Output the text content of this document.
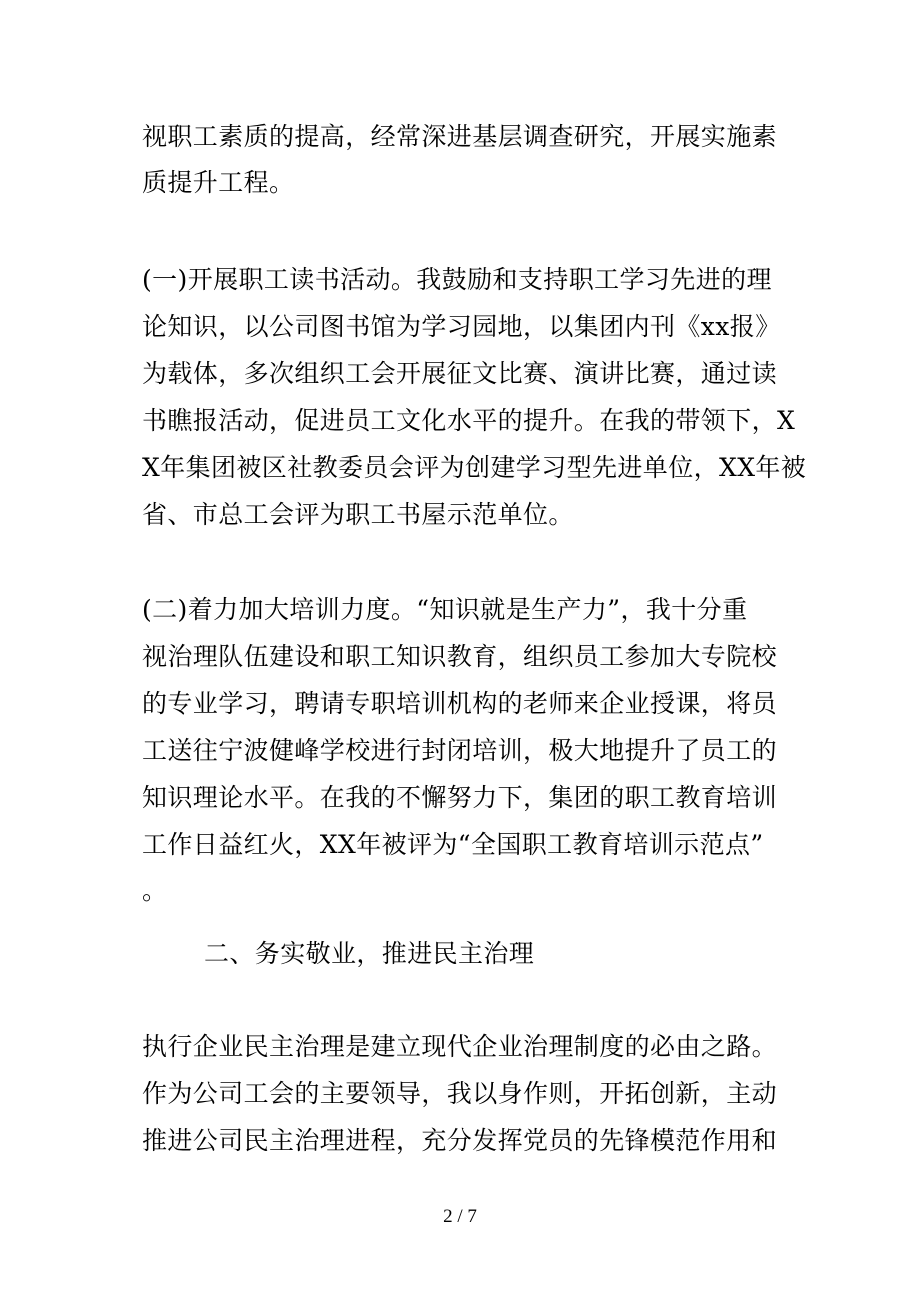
视职工素质的提高，经常深进基层调查研究，开展实施素
质提升工程。
(一)开展职工读书活动。我鼓励和支持职工学习先进的理
论知识，以公司图书馆为学习园地，以集团内刊《xx报》
为载体，多次组织工会开展征文比赛、演讲比赛，通过读
书瞧报活动，促进员工文化水平的提升。在我的带领下，X
X年集团被区社教委员会评为创建学习型先进单位，XX年被
省、市总工会评为职工书屋示范单位。
(二)着力加大培训力度。“知识就是生产力”，我十分重
视治理队伍建设和职工知识教育，组织员工参加大专院校
的专业学习，聘请专职培训机构的老师来企业授课，将员
工送往宁波健峰学校进行封闭培训，极大地提升了员工的
知识理论水平。在我的不懈努力下，集团的职工教育培训
工作日益红火，XX年被评为“全国职工教育培训示范点”
。
二、务实敬业，推进民主治理
执行企业民主治理是建立现代企业治理制度的必由之路。
作为公司工会的主要领导，我以身作则，开拓创新，主动
推进公司民主治理进程，充分发挥党员的先锋模范作用和
2 / 7
